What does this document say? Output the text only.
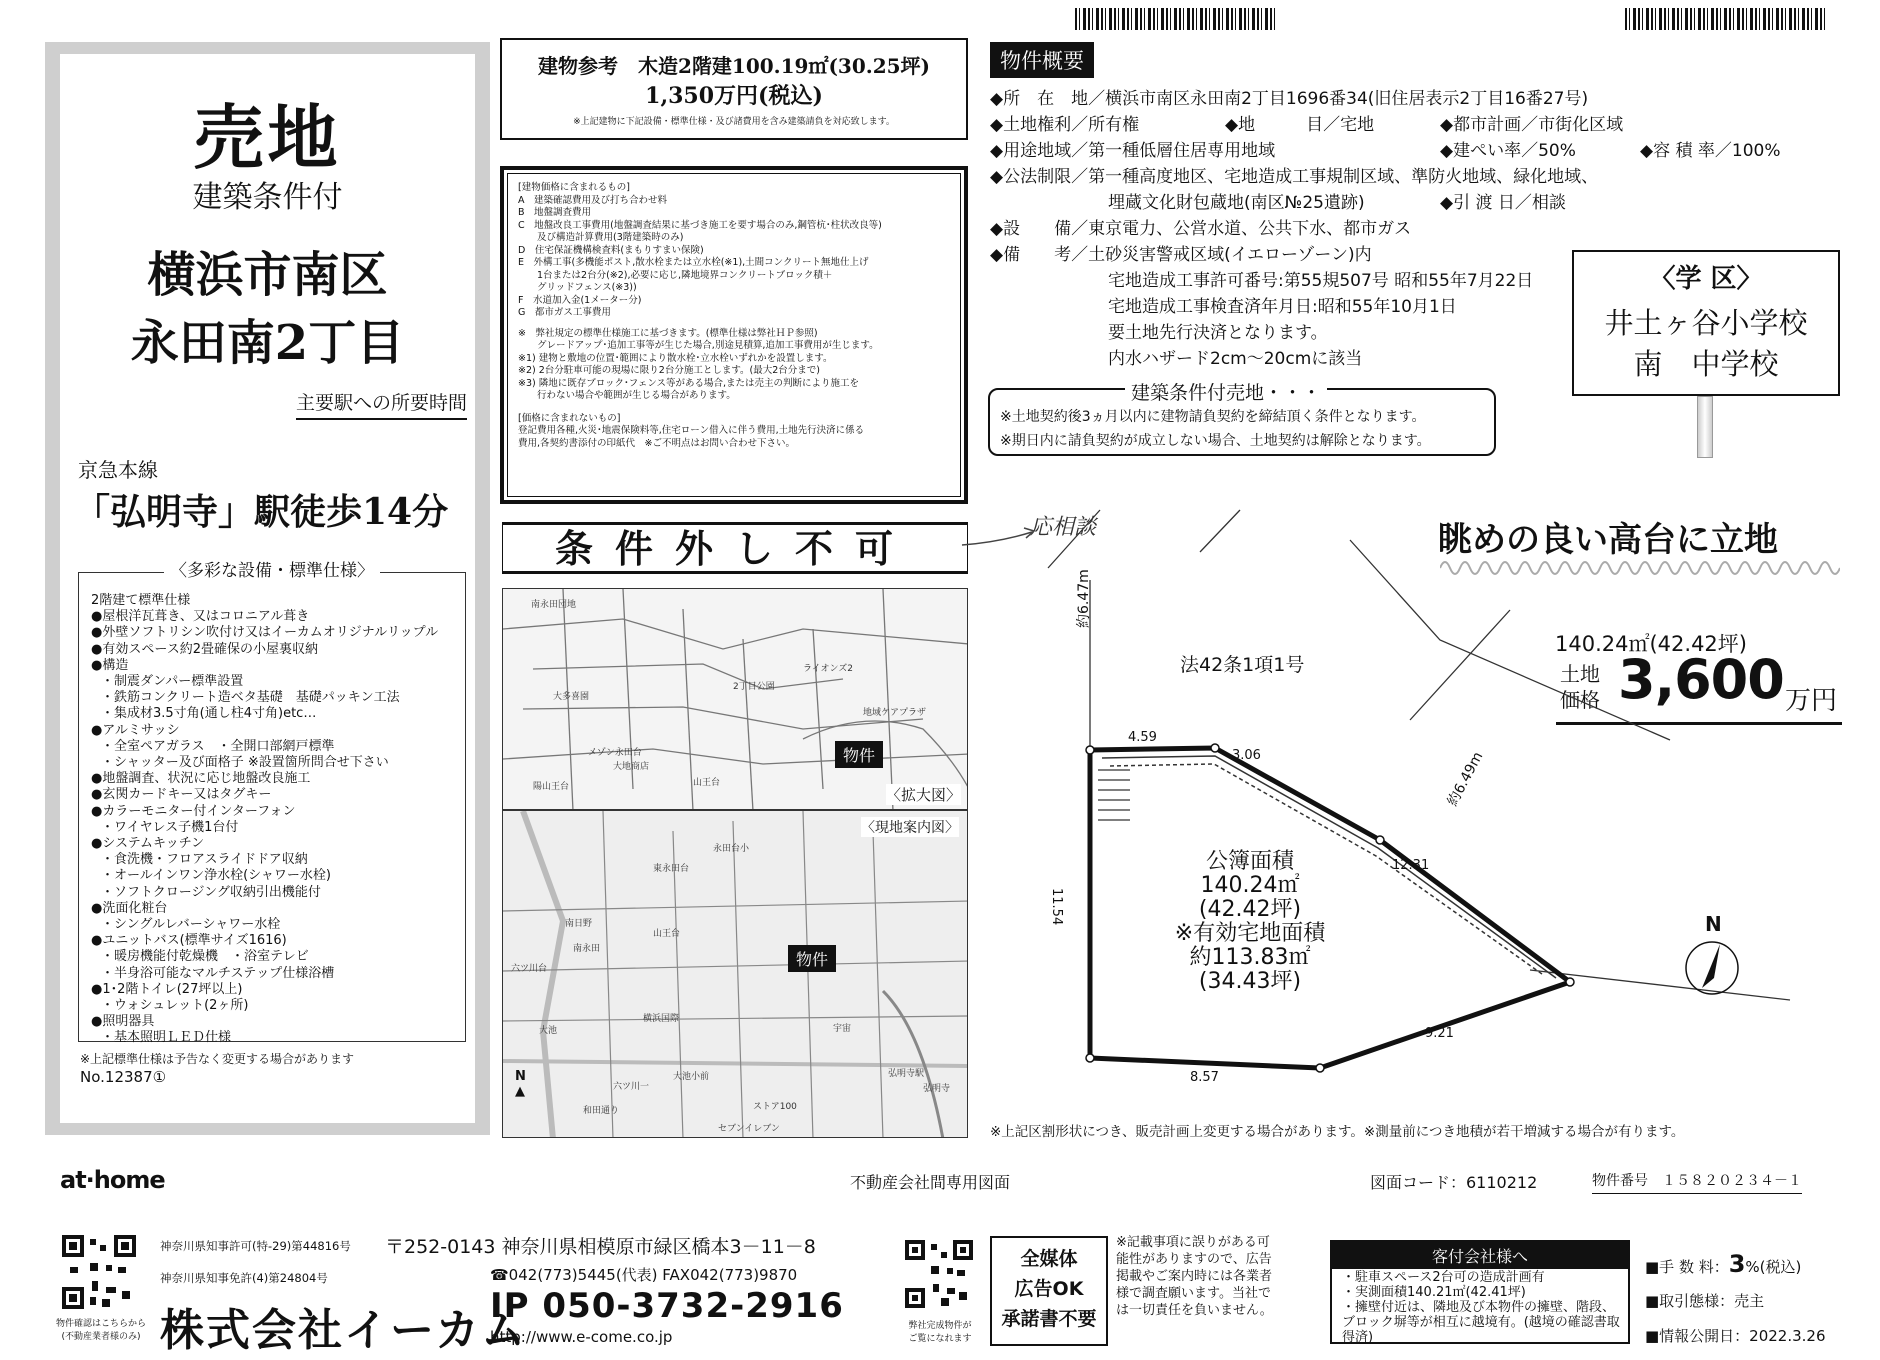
売地
建築条件付
横浜市南区
永田南2丁目
主要駅への所要時間
京急本線
「弘明寺」駅徒歩14分
〈多彩な設備・標準仕様〉
2階建て標準仕様
●屋根洋瓦葺き、又はコロニアル葺き
●外壁ソフトリシン吹付け又はイーカムオリジナルリップル
●有効スペース約2畳確保の小屋裏収納
●構造
・制震ダンパー標準設置
・鉄筋コンクリート造ベタ基礎　基礎パッキン工法
・集成材3.5寸角(通し柱4寸角)etc…
●アルミサッシ
・全室ペアガラス　・全開口部網戸標準
・シャッター及び面格子 ※設置箇所問合せ下さい
●地盤調査、状況に応じ地盤改良施工
●玄関カードキー又はタグキー
●カラーモニター付インターフォン
・ワイヤレス子機1台付
●システムキッチン
・食洗機・フロアスライドドア収納
・オールインワン浄水栓(シャワー水栓)
・ソフトクロージング収納引出機能付
●洗面化粧台
・シングルレバーシャワー水栓
●ユニットバス(標準サイズ1616)
・暖房機能付乾燥機　・浴室テレビ
・半身浴可能なマルチステップ仕様浴槽
●1･2階トイレ(27坪以上)
・ウォシュレット(2ヶ所)
●照明器具
・基本照明ＬＥＤ仕様
※上記標準仕様は予告なく変更する場合があります
No.12387①
建物参考　木造2階建100.19㎡(30.25坪)
1,350万円(税込)
※上記建物に下記設備・標準仕様・及び諸費用を含み建築請負を対応致します。
[建物価格に含まれるもの]
A　建築確認費用及び打ち合わせ料
B　地盤調査費用
C　地盤改良工事費用(地盤調査結果に基づき施工を要す場合のみ,鋼管杭･柱状改良等)
　　及び構造計算費用(3階建築時のみ)
D　住宅保証機構検査料(まもりすまい保険)
E　外構工事(多機能ポスト,散水栓または立水栓(※1),土間コンクリート無地仕上げ
　　1台または2台分(※2),必要に応じ,隣地境界コンクリートブロック積＋
　　グリッドフェンス(※3))
F　水道加入金(1メーター分)
G　都市ガス工事費用
※　弊社規定の標準仕様施工に基づきます。(標準仕様は弊社ＨＰ参照)
　　グレードアップ･追加工事等が生じた場合,別途見積算,追加工事費用が生じます。
※1) 建物と敷地の位置･範囲により散水栓･立水栓いずれかを設置します。
※2) 2台分駐車可能の現場に限り2台分施工とします。(最大2台分まで)
※3) 隣地に既存ブロック･フェンス等がある場合,または売主の判断により施工を
　　行わない場合や範囲が生じる場合があります。
[価格に含まれないもの]
登記費用各種,火災･地震保険料等,住宅ローン借入に伴う費用,土地先行決済に係る
費用,各契約書添付の印紙代　※ご不明点はお問い合わせ下さい。
条件外し不可	応相談
南永田団地
ライオンズ2
2丁目公園
地域ケアプラザ
大多喜園
メゾン永田台
大地商店
山王台
陽山王台
物件
〈拡大図〉
〈現地案内図〉
永田台小
東永田台
南永田
六ツ川台
南日野
山王台
大池
横浜国際
六ツ川一
ストア100
セブンイレブン
弘明寺駅
弘明寺
大池小前
和田通り
宇宙
物件
N
▲
物件概要
◆所　在　地／横浜市南区永田南2丁目1696番34(旧住居表示2丁目16番27号)
◆土地権利／所有権	◆地　　　目／宅地	◆都市計画／市街化区域
◆用途地域／第一種低層住居専用地域	◆建ぺい率／50%	◆容 積 率／100%
◆公法制限／第一種高度地区、宅地造成工事規制区域、準防火地域、緑化地域、
埋蔵文化財包蔵地(南区№25遺跡)	◆引 渡 日／相談
◆設　　備／東京電力、公営水道、公共下水、都市ガス
◆備　　考／土砂災害警戒区域(イエローゾーン)内
宅地造成工事許可番号:第55規507号 昭和55年7月22日
宅地造成工事検査済年月日:昭和55年10月1日
要土地先行決済となります。
内水ハザード2cm〜20cmに該当
〈学 区〉
井土ヶ谷小学校
南　中学校
建築条件付売地・・・
※土地契約後3ヵ月以内に建物請負契約を締結頂く条件となります。
※期日内に請負契約が成立しない場合、土地契約は解除となります。
眺めの良い高台に立地
140.24㎡(42.42坪)
土地
価格 3,600 万円
約6.47m
約6.49m
法42条1項1号
4.59
3.06
12.31
11.54
9.21
8.57
公簿面積
140.24㎡
(42.42坪)
※有効宅地面積
約113.83㎡
(34.43坪)
N
※上記区割形状につき、販売計画上変更する場合があります。※測量前につき地積が若干増減する場合が有ります。
at·home	不動産会社間専用図面	図面コード：6110212	物件番号　１５８２０２３４－１
物件確認はこちらから
(不動産業者様のみ)
神奈川県知事許可(特-29)第44816号
神奈川県知事免許(4)第24804号
〒252-0143 神奈川県相模原市緑区橋本3－11－8
☎042(773)5445(代表) FAX042(773)9870
株式会社イーカム
IP 050-3732-2916
http://www.e-come.co.jp
弊社完成物件が
ご覧になれます
全媒体
広告OK
承諾書不要
※記載事項に誤りがある可能性がありますので、広告掲載やご案内時には各業者様で調査願います。当社では一切責任を負いません。
客付会社様へ
・駐車スペース2台可の造成計画有
・実測面積140.21㎡(42.41坪)
・擁壁付近は、隣地及び本物件の擁壁、階段、ブロック塀等が相互に越境有。(越境の確認書取得済)
■手 数 料：3%(税込)
■取引態様：売主
■情報公開日：2022.3.26
